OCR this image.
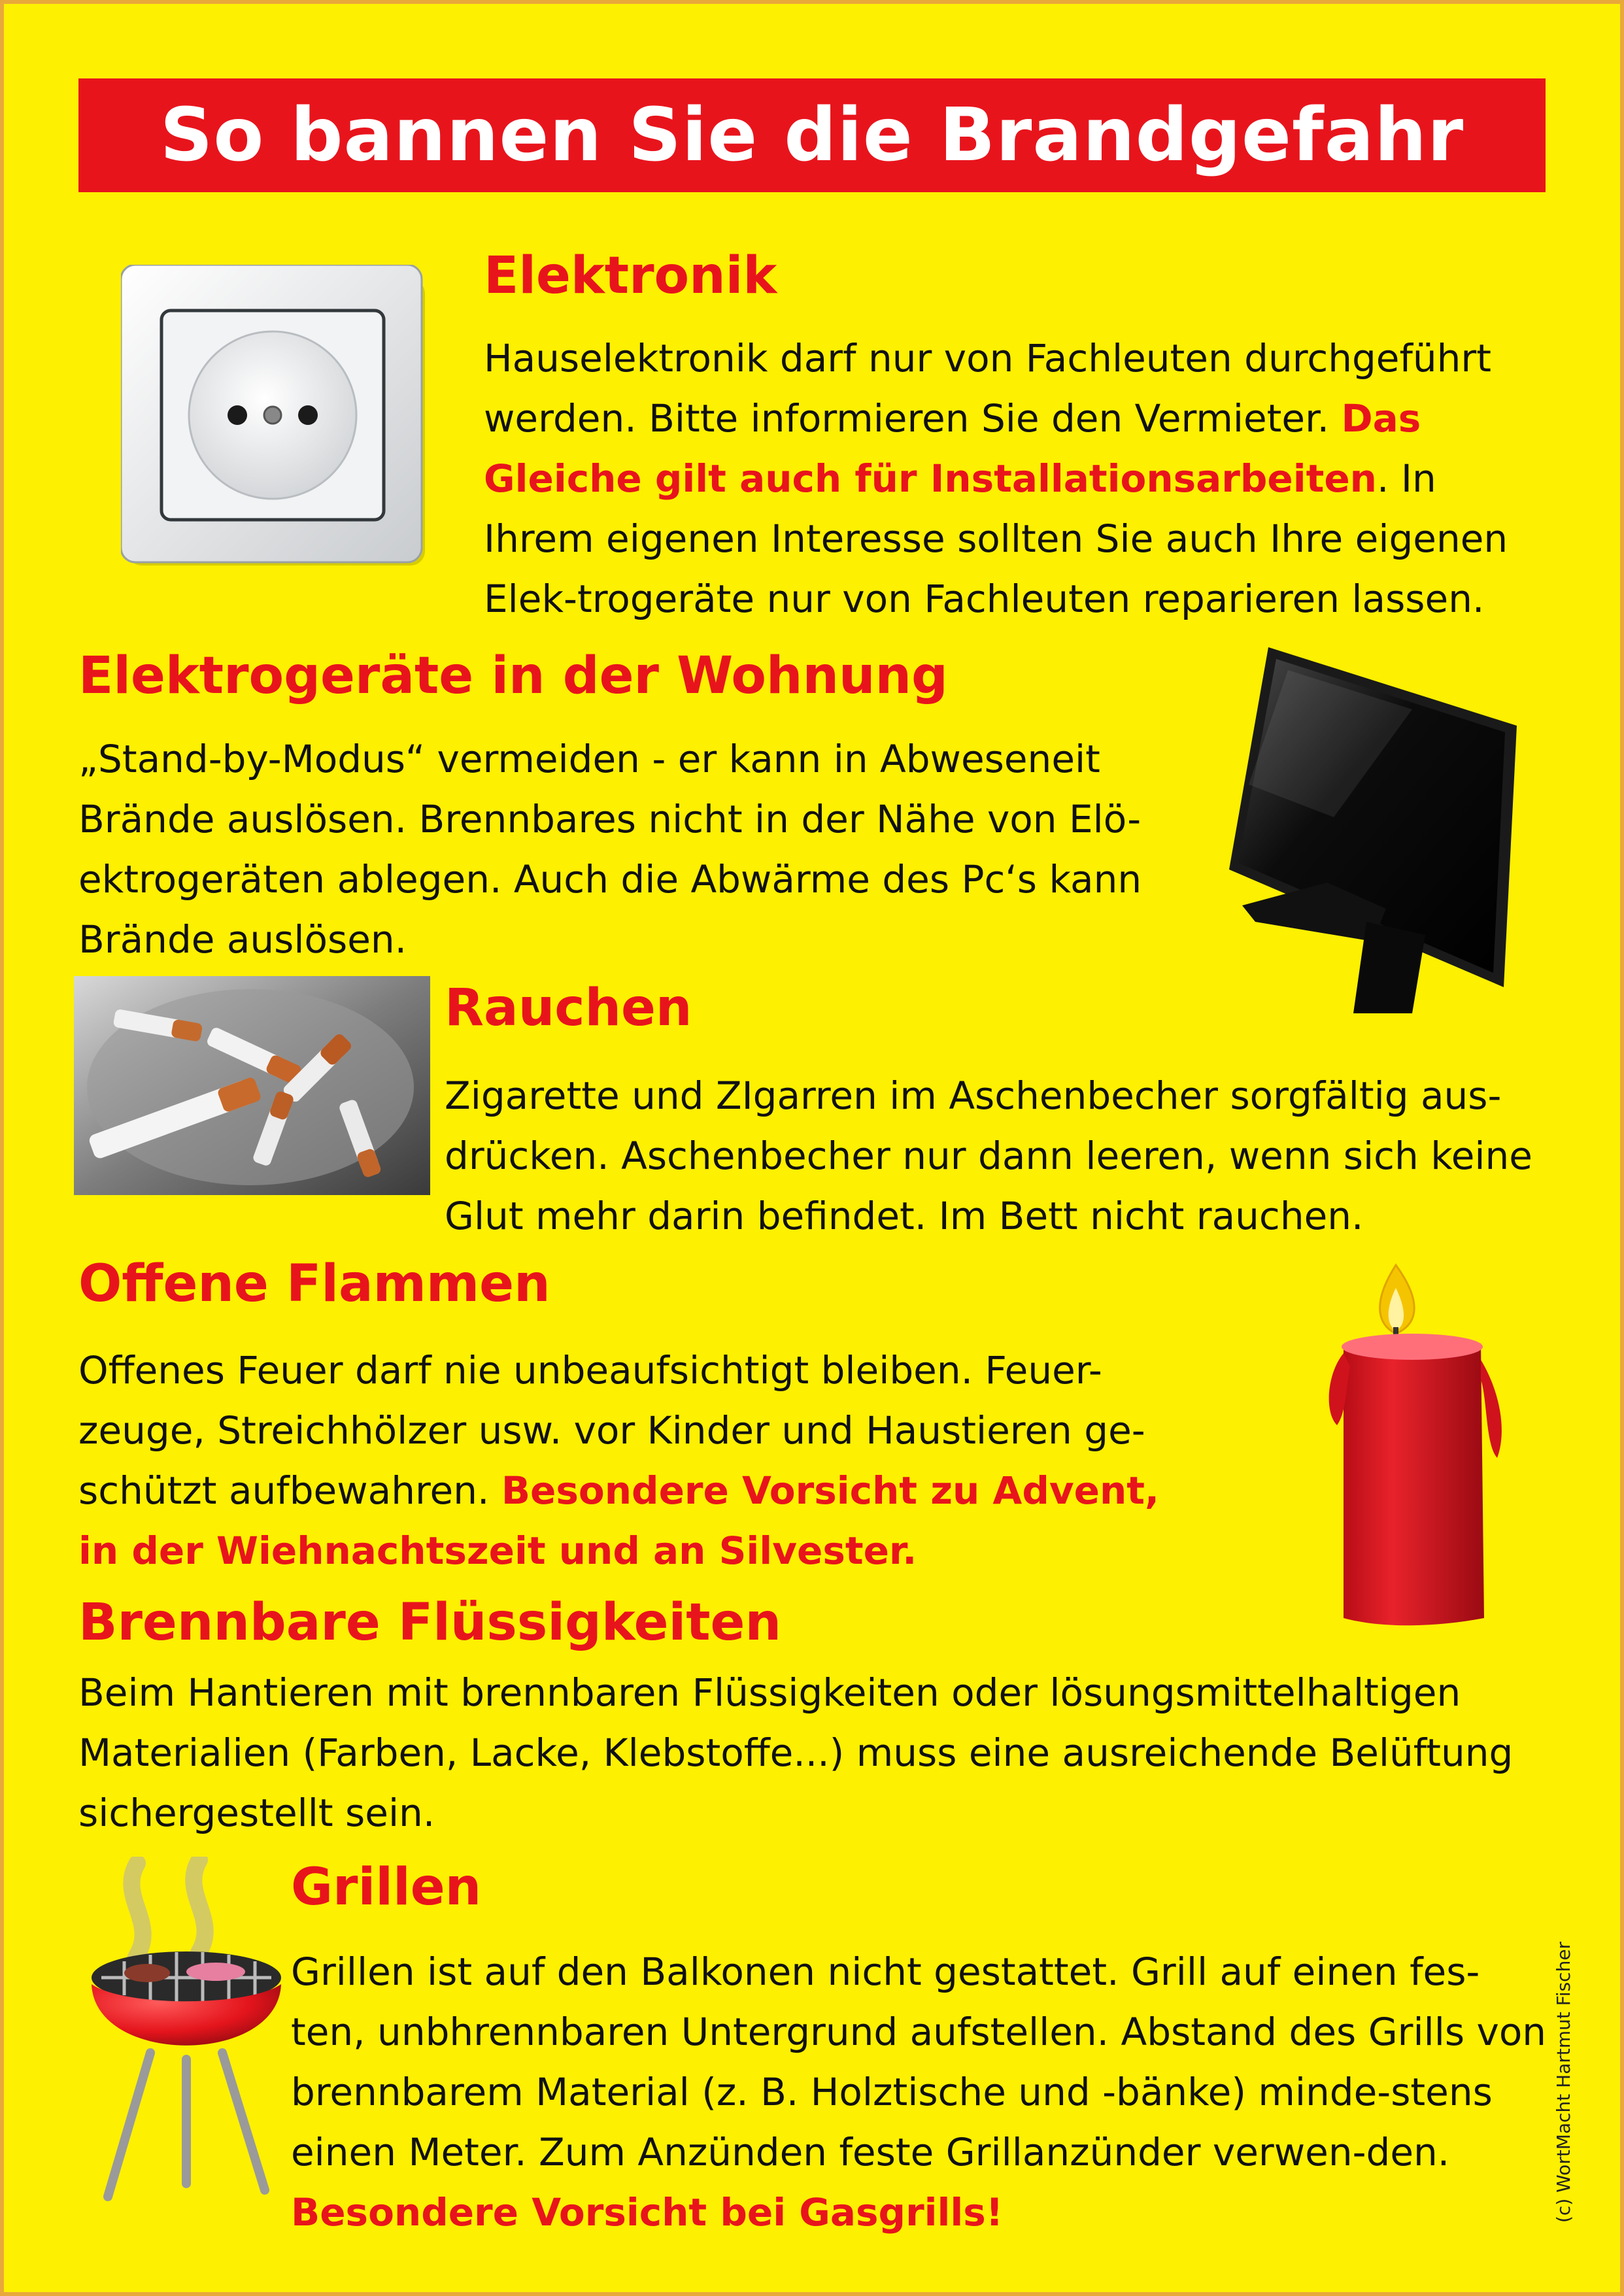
So bannen Sie die Brandgefahr
Elektronik

Hauselektronik darf nur von Fachleuten durchgeführt werden. Bitte informieren Sie den Vermieter. Das Gleiche gilt auch für Installationsarbeiten. In Ihrem eigenen Interesse sollten Sie auch Ihre eigenen Elek-trogeräte nur von Fachleuten reparieren lassen.

Elektrogeräte in der Wohnung

„Stand-by-Modus“ vermeiden - er kann in Abweseneit Brände auslösen. Brennbares nicht in der Nähe von Elö-ektrogeräten ablegen. Auch die Abwärme des Pc‘s kann Brände auslösen.

Rauchen

Zigarette und ZIgarren im Aschenbecher sorgfältig aus-drücken. Aschenbecher nur dann leeren, wenn sich keine Glut mehr darin befindet. Im Bett nicht rauchen.

Offene Flammen

Offenes Feuer darf nie unbeaufsichtigt bleiben. Feuer-zeuge, Streichhölzer usw. vor Kinder und Haustieren ge-schützt aufbewahren. Besondere Vorsicht zu Advent, in der Wiehnachtszeit und an Silvester.

Brennbare Flüssigkeiten

Beim Hantieren mit brennbaren Flüssigkeiten oder lösungsmittelhaltigen Materialien (Farben, Lacke, Klebstoffe...) muss eine ausreichende Belüftung sichergestellt sein.

Grillen

Grillen ist auf den Balkonen nicht gestattet. Grill auf einen fes-ten, unbhrennbaren Untergrund aufstellen. Abstand des Grills von brennbarem Material (z. B. Holztische und -bänke) minde-stens einen Meter. Zum Anzünden feste Grillanzünder verwen-den. Besondere Vorsicht bei Gasgrills!	(c) WortMacht Hartmut Fischer
